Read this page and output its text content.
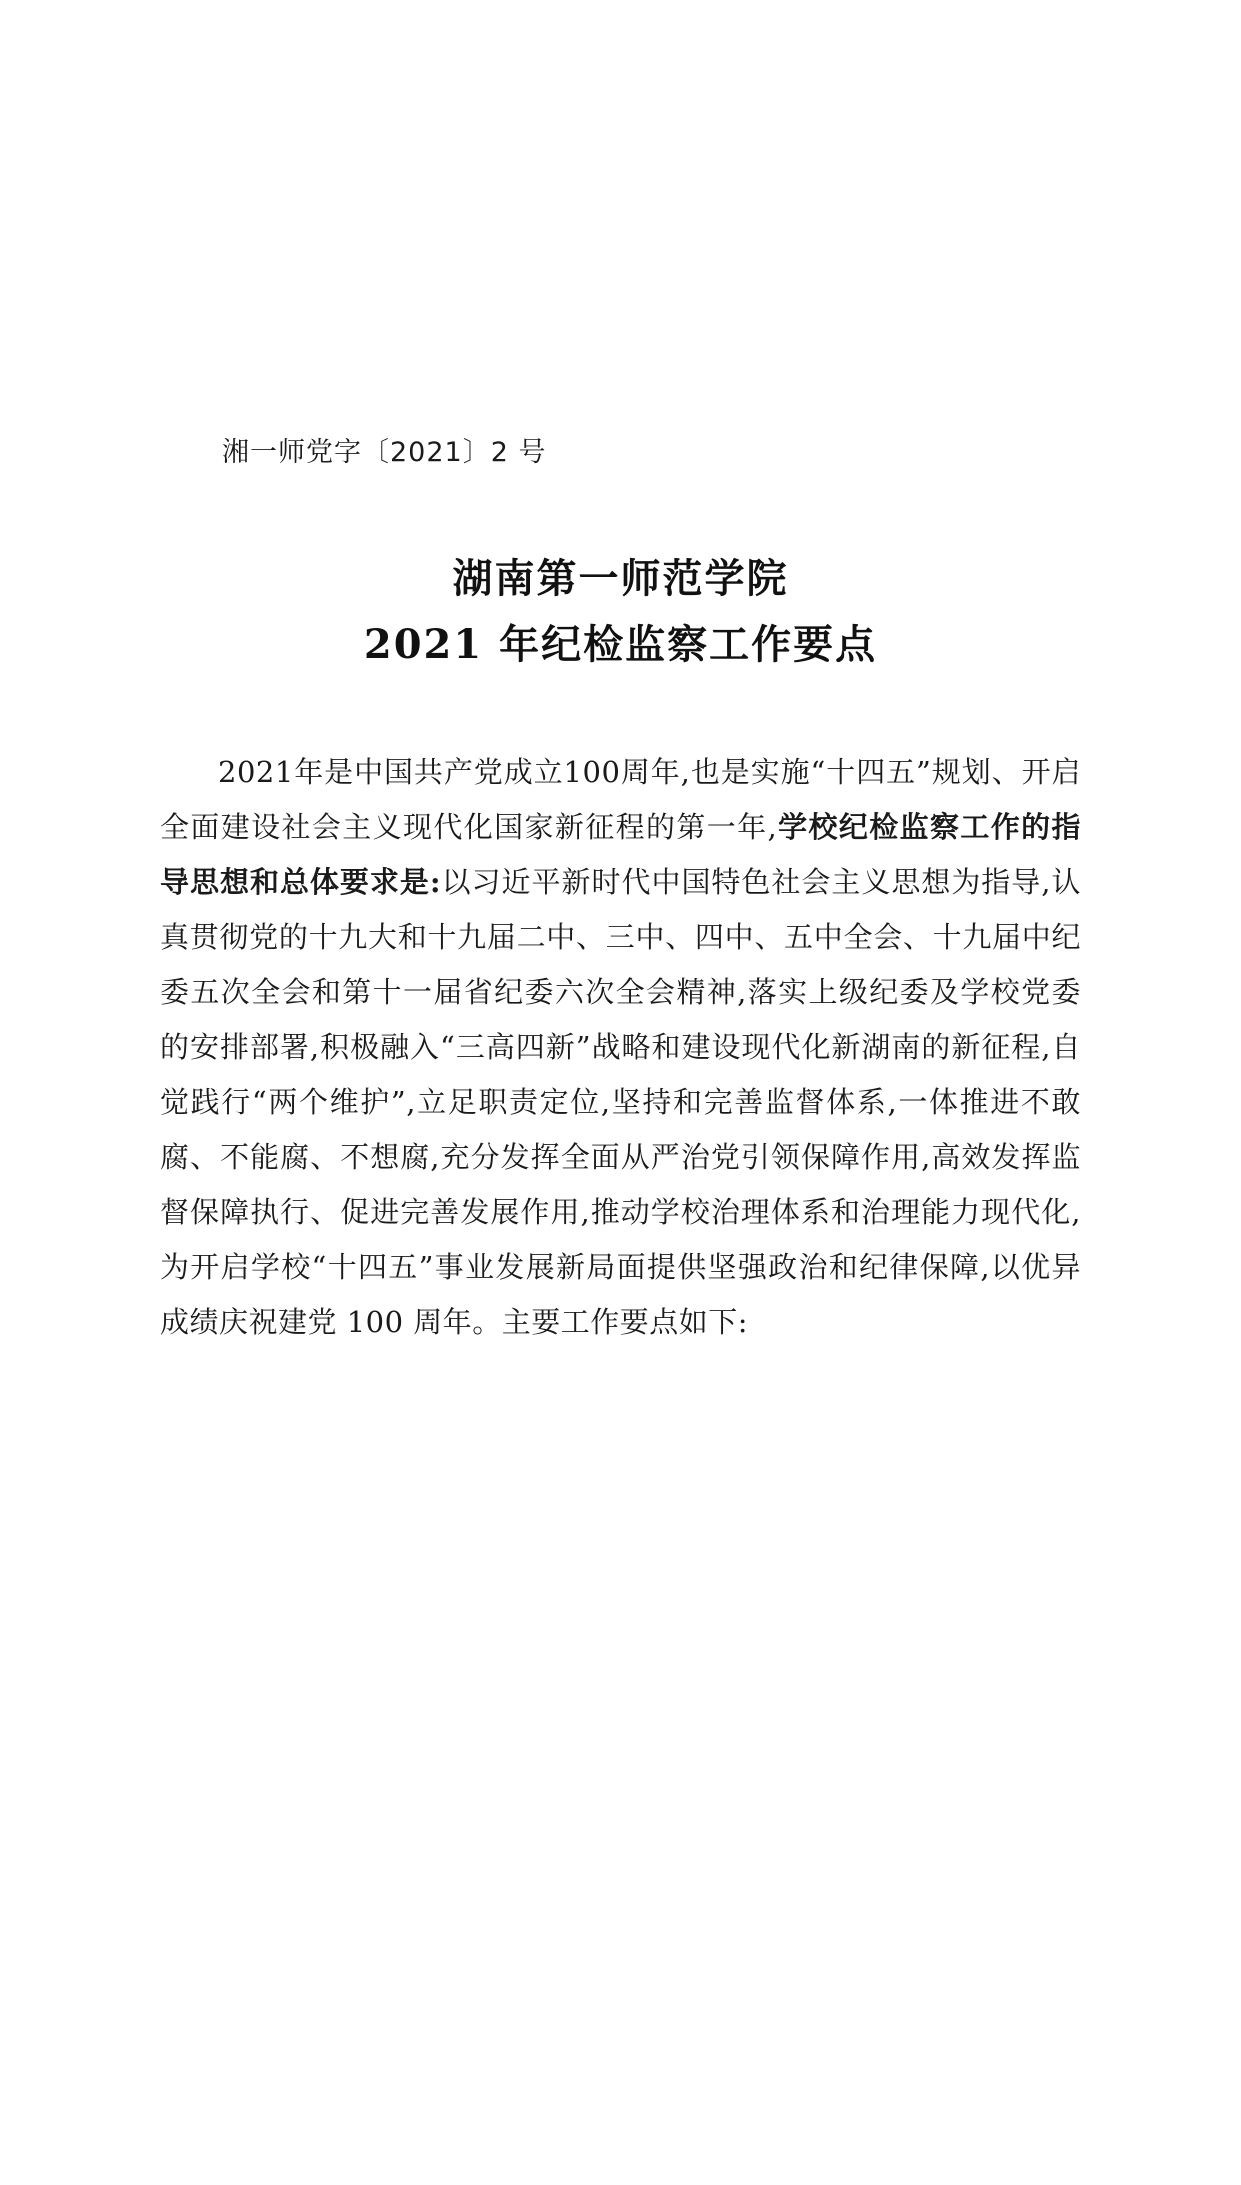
湘一师党字〔2021〕2 号
湖南第一师范学院
2021 年纪检监察工作要点

2021年是中国共产党成立100周年,也是实施“十四五”规划、开启全面建设社会主义现代化国家新征程的第一年,学校纪检监察工作的指导思想和总体要求是:以习近平新时代中国特色社会主义思想为指导,认真贯彻党的十九大和十九届二中、三中、四中、五中全会、十九届中纪委五次全会和第十一届省纪委六次全会精神,落实上级纪委及学校党委的安排部署,积极融入“三高四新”战略和建设现代化新湖南的新征程,自觉践行“两个维护”,立足职责定位,坚持和完善监督体系,一体推进不敢腐、不能腐、不想腐,充分发挥全面从严治党引领保障作用,高效发挥监督保障执行、促进完善发展作用,推动学校治理体系和治理能力现代化,为开启学校“十四五”事业发展新局面提供坚强政治和纪律保障,以优异成绩庆祝建党 100 周年。主要工作要点如下:
